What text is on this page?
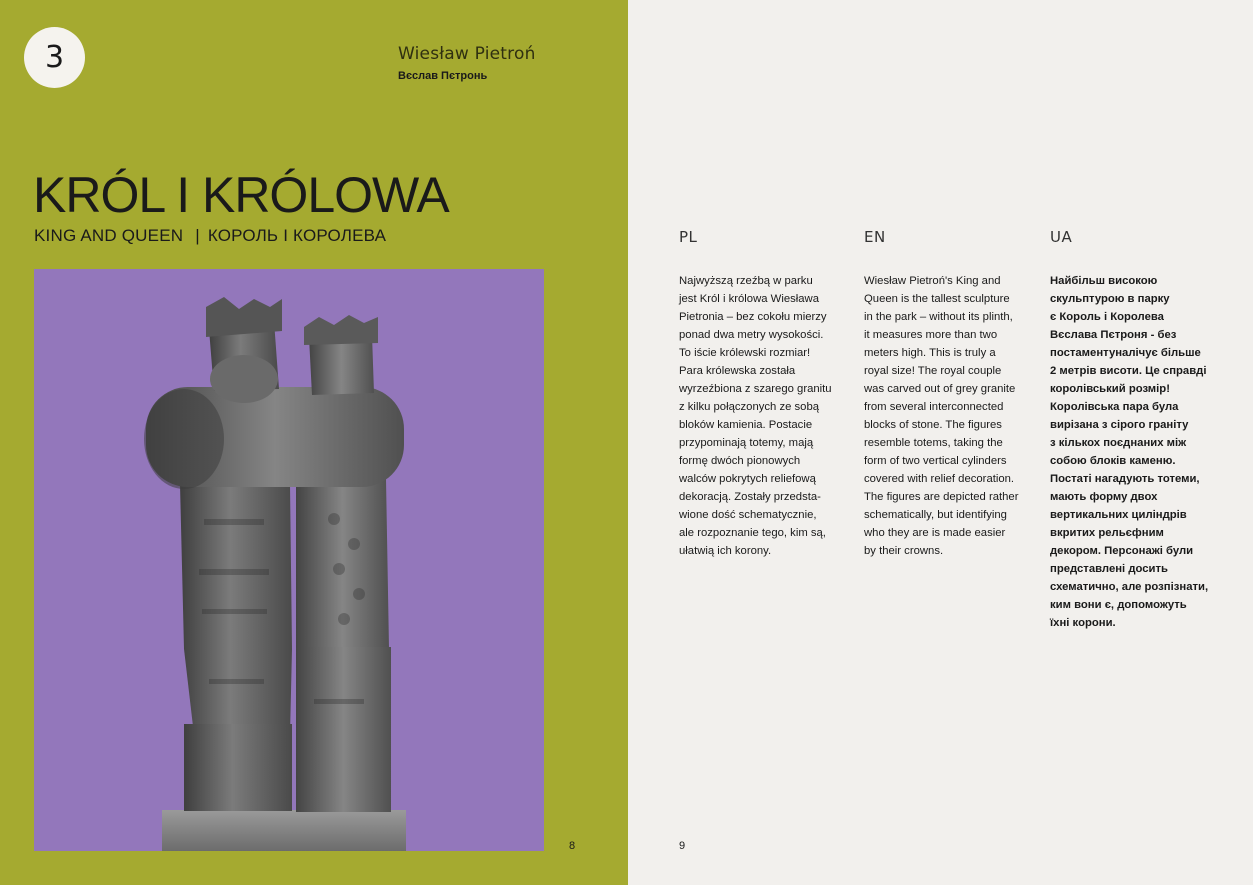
3	Wiesław Pietroń
Вєслав Пєтронь
KRÓL I KRÓLOWA
KING AND QUEEN | КОРОЛЬ І КОРОЛЕВА
8
PL

Najwyższą rzeźbą w parku

jest Król i królowa Wiesława

Pietronia – bez cokołu mierzy

ponad dwa metry wysokości.

To iście królewski rozmiar!

Para królewska została

wyrzeźbiona z szarego granitu

z kilku połączonych ze sobą

bloków kamienia. Postacie

przypominają totemy, mają

formę dwóch pionowych

walców pokrytych reliefową

dekoracją. Zostały przedsta-

wione dość schematycznie,

ale rozpoznanie tego, kim są,

ułatwią ich korony.

EN

Wiesław Pietroń's King and

Queen is the tallest sculpture

in the park – without its plinth,

it measures more than two

meters high. This is truly a

royal size! The royal couple

was carved out of grey granite

from several interconnected

blocks of stone. The figures

resemble totems, taking the

form of two vertical cylinders

covered with relief decoration.

The figures are depicted rather

schematically, but identifying

who they are is made easier

by their crowns.

UA

Найбільш високою

скульптурою в парку

є Король і Королева

Вєслава Пєтроня - без

постаментуналічує більше

2 метрів висоти. Це справді

королівський розмір!

Королівська пара була

вирізана з сірого граніту

з кількох поєднаних між

собою блоків каменю.

Постаті нагадують тотеми,

мають форму двох

вертикальних циліндрів

вкритих рельєфним

декором. Персонажі були

представлені досить

схематично, але розпізнати,

ким вони є, допоможуть

їхні корони.

9
